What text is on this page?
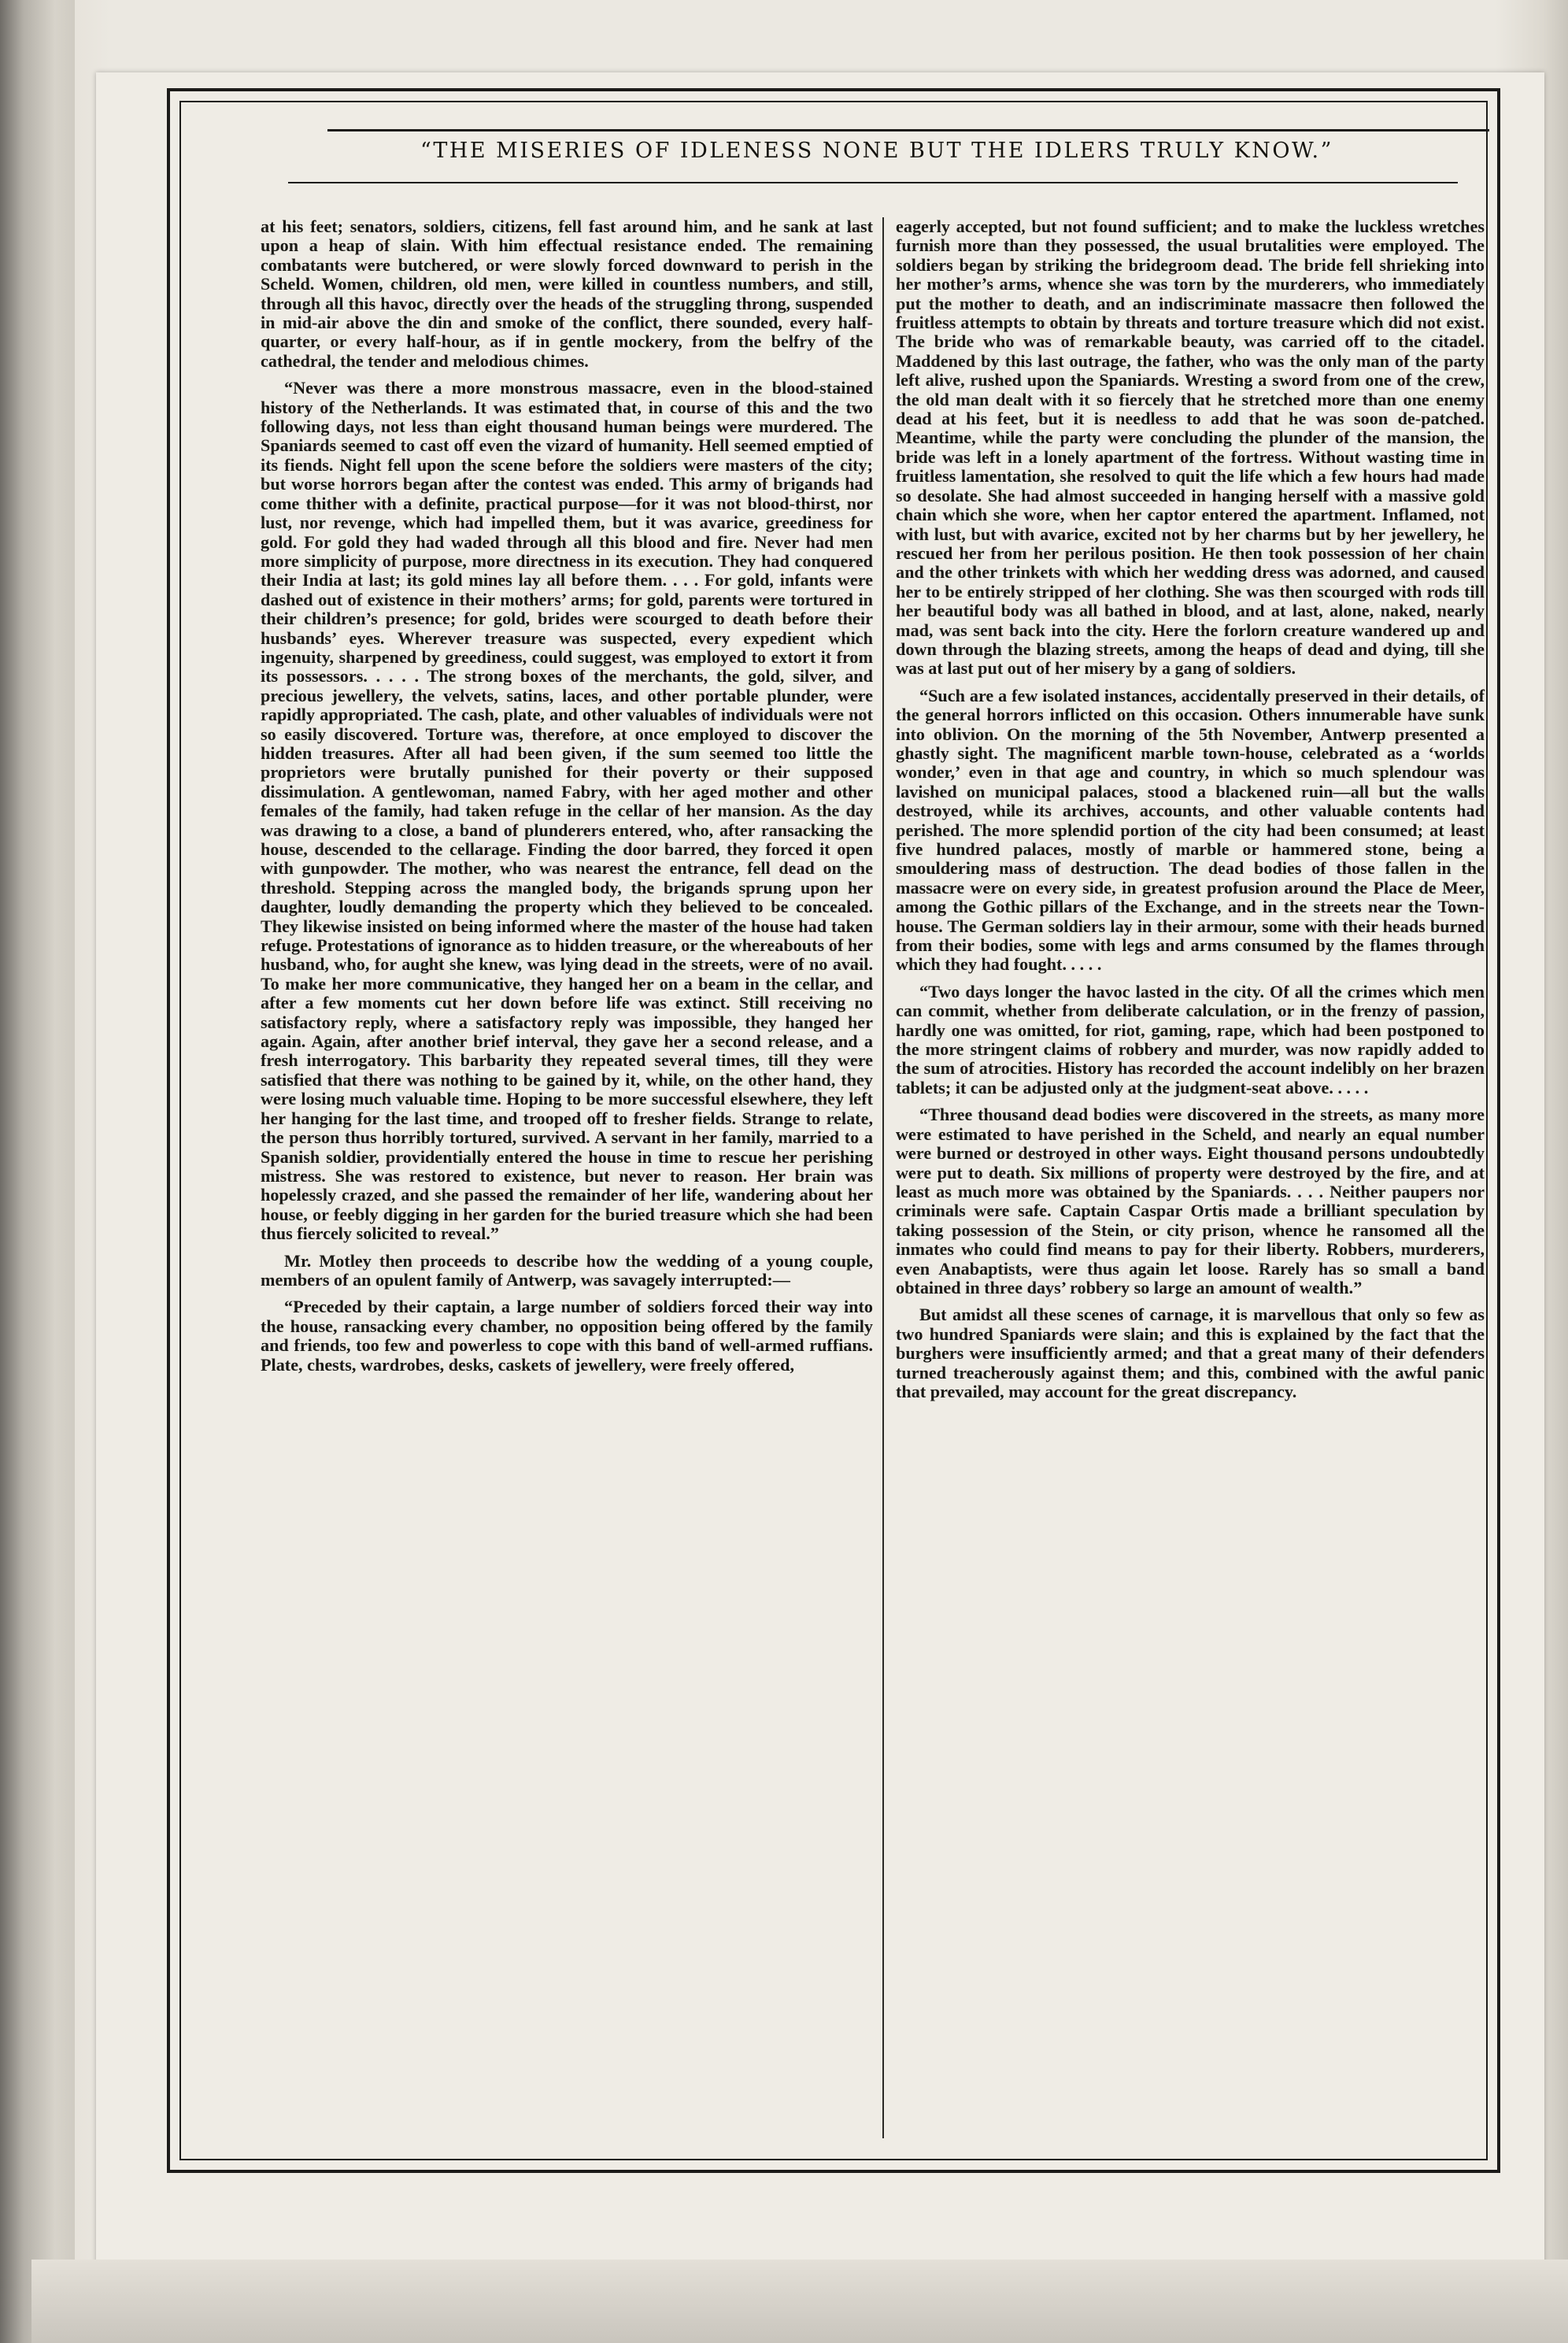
“THE MISERIES OF IDLENESS NONE BUT THE IDLERS TRULY KNOW.”

at his feet; senators, soldiers, citizens, fell fast around him, and he sank at last upon a heap of slain. With him effectual resistance ended. The remaining combatants were butchered, or were slowly forced downward to perish in the Scheld. Women, children, old men, were killed in countless numbers, and still, through all this havoc, directly over the heads of the struggling throng, suspended in mid-air above the din and smoke of the conflict, there sounded, every half-quarter, or every half-hour, as if in gentle mockery, from the belfry of the cathedral, the tender and melodious chimes.

“Never was there a more monstrous massacre, even in the blood-stained history of the Netherlands. It was estimated that, in course of this and the two following days, not less than eight thousand human beings were murdered. The Spaniards seemed to cast off even the vizard of humanity. Hell seemed emptied of its fiends. Night fell upon the scene before the soldiers were masters of the city; but worse horrors began after the contest was ended. This army of brigands had come thither with a definite, practical purpose—for it was not blood-thirst, nor lust, nor revenge, which had impelled them, but it was avarice, greediness for gold. For gold they had waded through all this blood and fire. Never had men more simplicity of purpose, more directness in its execution. They had conquered their India at last; its gold mines lay all before them. . . . For gold, infants were dashed out of existence in their mothers’ arms; for gold, parents were tortured in their children’s presence; for gold, brides were scourged to death before their husbands’ eyes. Wherever treasure was suspected, every expedient which ingenuity, sharpened by greediness, could suggest, was employed to extort it from its possessors. . . . . The strong boxes of the merchants, the gold, silver, and precious jewellery, the velvets, satins, laces, and other portable plunder, were rapidly appropriated. The cash, plate, and other valuables of individuals were not so easily discovered. Torture was, therefore, at once employed to discover the hidden treasures. After all had been given, if the sum seemed too little the proprietors were brutally punished for their poverty or their supposed dissimulation. A gentlewoman, named Fabry, with her aged mother and other females of the family, had taken refuge in the cellar of her mansion. As the day was drawing to a close, a band of plunderers entered, who, after ransacking the house, descended to the cellarage. Finding the door barred, they forced it open with gunpowder. The mother, who was nearest the entrance, fell dead on the threshold. Stepping across the mangled body, the brigands sprung upon her daughter, loudly demanding the property which they believed to be concealed. They likewise insisted on being informed where the master of the house had taken refuge. Protestations of ignorance as to hidden treasure, or the whereabouts of her husband, who, for aught she knew, was lying dead in the streets, were of no avail. To make her more communicative, they hanged her on a beam in the cellar, and after a few moments cut her down before life was extinct. Still receiving no satisfactory reply, where a satisfactory reply was impossible, they hanged her again. Again, after another brief interval, they gave her a second release, and a fresh interrogatory. This barbarity they repeated several times, till they were satisfied that there was nothing to be gained by it, while, on the other hand, they were losing much valuable time. Hoping to be more successful elsewhere, they left her hanging for the last time, and trooped off to fresher fields. Strange to relate, the person thus horribly tortured, survived. A servant in her family, married to a Spanish soldier, providentially entered the house in time to rescue her perishing mistress. She was restored to existence, but never to reason. Her brain was hopelessly crazed, and she passed the remainder of her life, wandering about her house, or feebly digging in her garden for the buried treasure which she had been thus fiercely solicited to reveal.”

Mr. Motley then proceeds to describe how the wedding of a young couple, members of an opulent family of Antwerp, was savagely interrupted:—

“Preceded by their captain, a large number of soldiers forced their way into the house, ransacking every chamber, no opposition being offered by the family and friends, too few and powerless to cope with this band of well-armed ruffians. Plate, chests, wardrobes, desks, caskets of jewellery, were freely offered,

eagerly accepted, but not found sufficient; and to make the luckless wretches furnish more than they possessed, the usual brutalities were employed. The soldiers began by striking the bridegroom dead. The bride fell shrieking into her mother’s arms, whence she was torn by the murderers, who immediately put the mother to death, and an indiscriminate massacre then followed the fruitless attempts to obtain by threats and torture treasure which did not exist. The bride who was of remarkable beauty, was carried off to the citadel. Maddened by this last outrage, the father, who was the only man of the party left alive, rushed upon the Spaniards. Wresting a sword from one of the crew, the old man dealt with it so fiercely that he stretched more than one enemy dead at his feet, but it is needless to add that he was soon de-patched. Meantime, while the party were concluding the plunder of the mansion, the bride was left in a lonely apartment of the fortress. Without wasting time in fruitless lamentation, she resolved to quit the life which a few hours had made so desolate. She had almost succeeded in hanging herself with a massive gold chain which she wore, when her captor entered the apartment. Inflamed, not with lust, but with avarice, excited not by her charms but by her jewellery, he rescued her from her perilous position. He then took possession of her chain and the other trinkets with which her wedding dress was adorned, and caused her to be entirely stripped of her clothing. She was then scourged with rods till her beautiful body was all bathed in blood, and at last, alone, naked, nearly mad, was sent back into the city. Here the forlorn creature wandered up and down through the blazing streets, among the heaps of dead and dying, till she was at last put out of her misery by a gang of soldiers.

“Such are a few isolated instances, accidentally preserved in their details, of the general horrors inflicted on this occasion. Others innumerable have sunk into oblivion. On the morning of the 5th November, Antwerp presented a ghastly sight. The magnificent marble town-house, celebrated as a ‘worlds wonder,’ even in that age and country, in which so much splendour was lavished on municipal palaces, stood a blackened ruin—all but the walls destroyed, while its archives, accounts, and other valuable contents had perished. The more splendid portion of the city had been consumed; at least five hundred palaces, mostly of marble or hammered stone, being a smouldering mass of destruction. The dead bodies of those fallen in the massacre were on every side, in greatest profusion around the Place de Meer, among the Gothic pillars of the Exchange, and in the streets near the Town-house. The German soldiers lay in their armour, some with their heads burned from their bodies, some with legs and arms consumed by the flames through which they had fought. . . . .

“Two days longer the havoc lasted in the city. Of all the crimes which men can commit, whether from deliberate calculation, or in the frenzy of passion, hardly one was omitted, for riot, gaming, rape, which had been postponed to the more stringent claims of robbery and murder, was now rapidly added to the sum of atrocities. History has recorded the account indelibly on her brazen tablets; it can be adjusted only at the judgment-seat above. . . . .

“Three thousand dead bodies were discovered in the streets, as many more were estimated to have perished in the Scheld, and nearly an equal number were burned or destroyed in other ways. Eight thousand persons undoubtedly were put to death. Six millions of property were destroyed by the fire, and at least as much more was obtained by the Spaniards. . . . Neither paupers nor criminals were safe. Captain Caspar Ortis made a brilliant speculation by taking possession of the Stein, or city prison, whence he ransomed all the inmates who could find means to pay for their liberty. Robbers, murderers, even Anabaptists, were thus again let loose. Rarely has so small a band obtained in three days’ robbery so large an amount of wealth.”

But amidst all these scenes of carnage, it is marvellous that only so few as two hundred Spaniards were slain; and this is explained by the fact that the burghers were insufficiently armed; and that a great many of their defenders turned treacherously against them; and this, combined with the awful panic that prevailed, may account for the great discrepancy.
